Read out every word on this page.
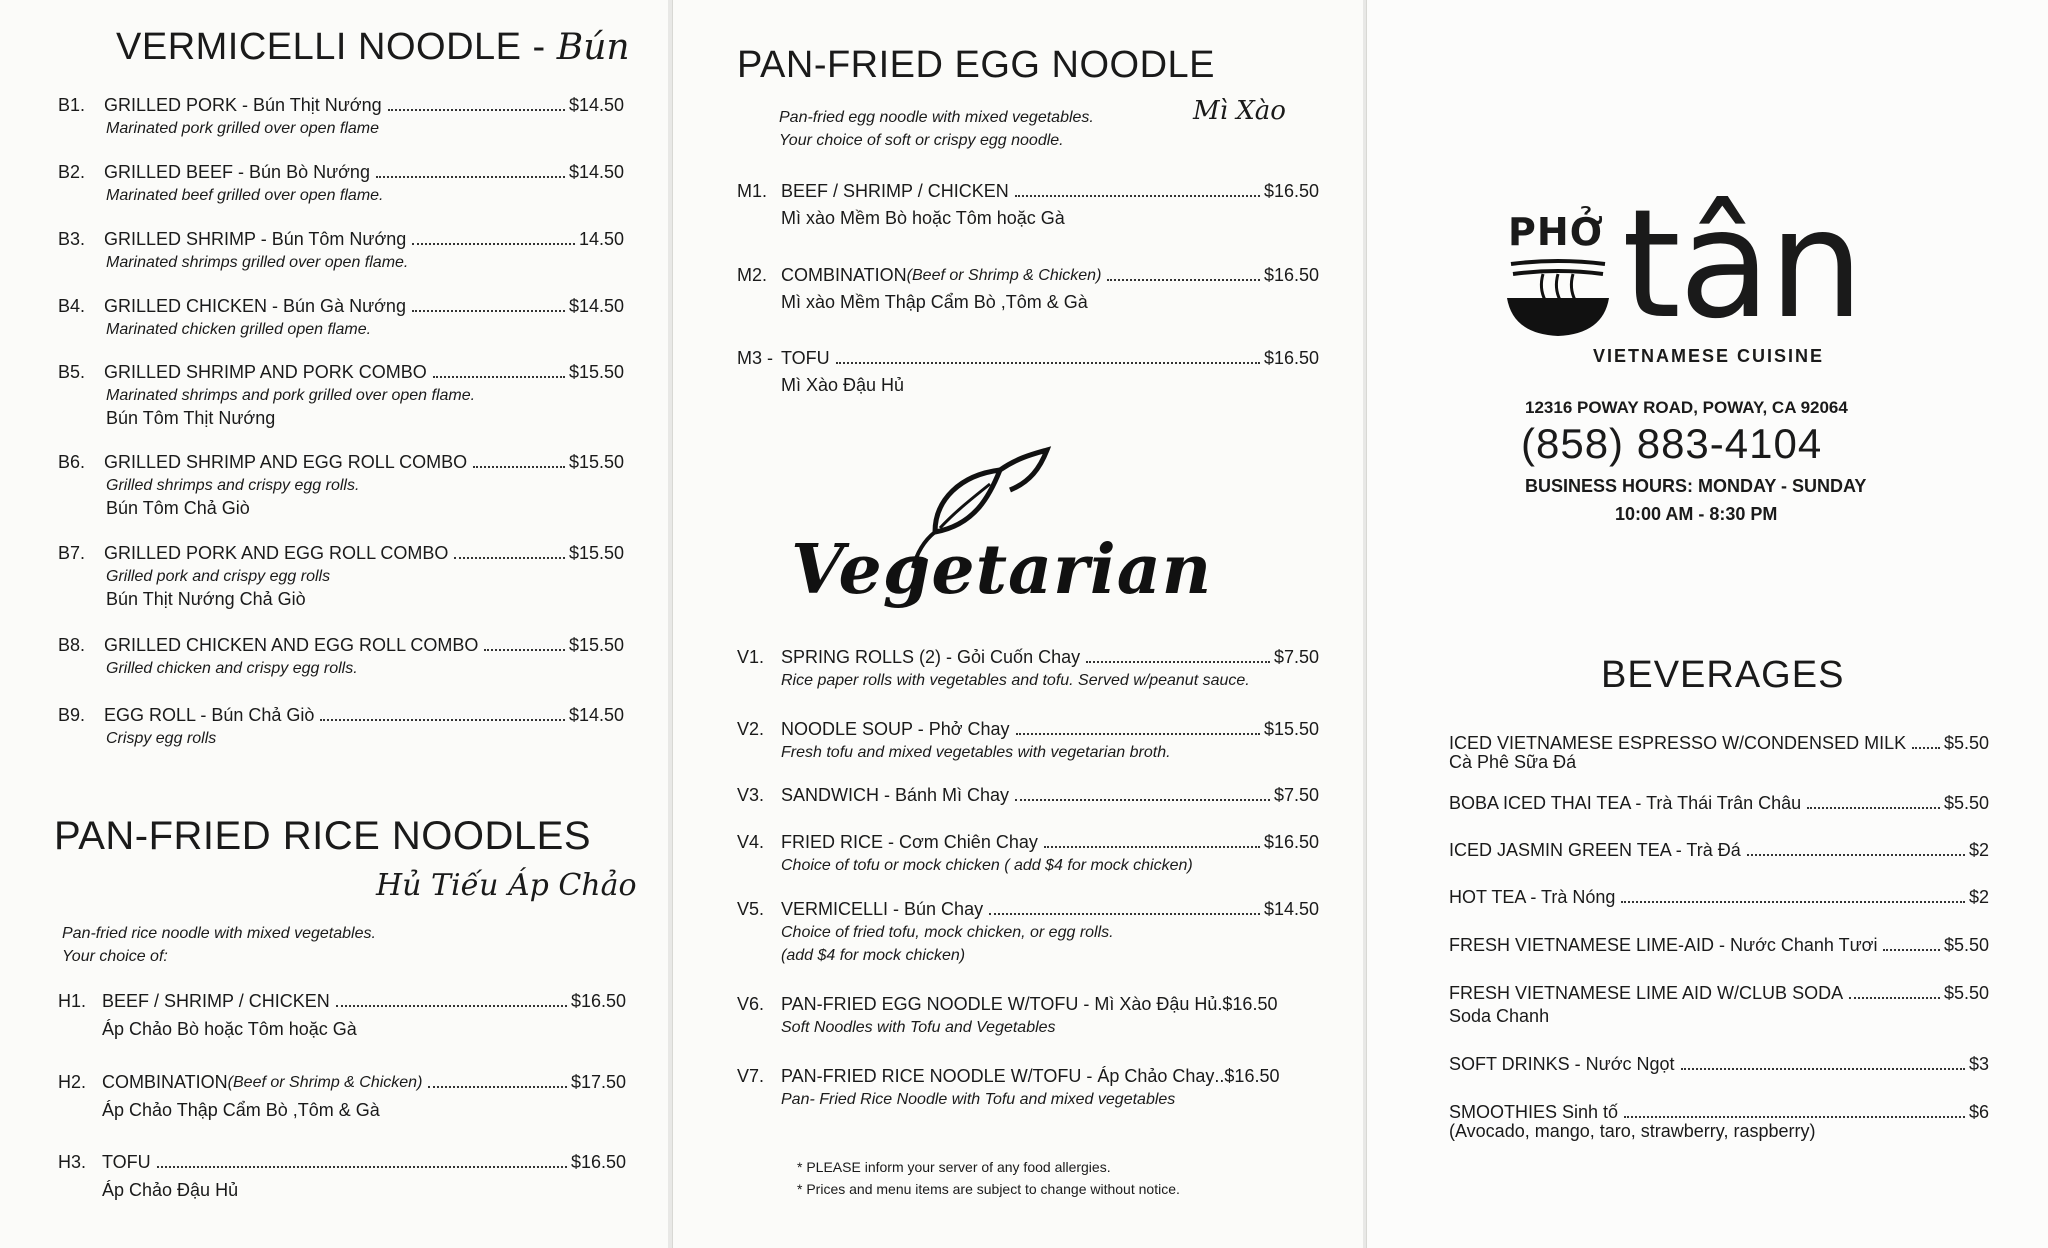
VERMICELLI NOODLE - Bún
B1.	GRILLED PORK - Bún Thịt Nướng	$14.50
Marinated pork grilled over open flame
B2.	GRILLED BEEF - Bún Bò Nướng	$14.50
Marinated beef grilled over open flame.
B3.	GRILLED SHRIMP - Bún Tôm Nướng	14.50
Marinated shrimps grilled over open flame.
B4.	GRILLED CHICKEN - Bún Gà Nướng	$14.50
Marinated chicken grilled open flame.
B5.	GRILLED SHRIMP AND PORK COMBO	$15.50
Marinated shrimps and pork grilled over open flame.
Bún Tôm Thịt Nướng
B6.	GRILLED SHRIMP AND EGG ROLL COMBO	$15.50
Grilled shrimps and crispy egg rolls.
Bún Tôm Chả Giò
B7.	GRILLED PORK AND EGG ROLL COMBO	$15.50
Grilled pork and crispy egg rolls
Bún Thịt Nướng Chả Giò
B8.	GRILLED CHICKEN AND EGG ROLL COMBO	$15.50
Grilled chicken and crispy egg rolls.
B9.	EGG ROLL - Bún Chả Giò	$14.50
Crispy egg rolls
PAN-FRIED RICE NOODLES
Hủ Tiếu Áp Chảo
Pan-fried rice noodle with mixed vegetables.
Your choice of:
H1. BEEF / SHRIMP / CHICKEN	$16.50
Áp Chảo Bò hoặc Tôm hoặc Gà
H2. COMBINATION (Beef or Shrimp & Chicken)	$17.50
Áp Chảo Thập Cẩm Bò ,Tôm & Gà
H3. TOFU	$16.50
Áp Chảo Đậu Hủ
PAN-FRIED EGG NOODLE
Mì Xào
Pan-fried egg noodle with mixed vegetables.
Your choice of soft or crispy egg noodle.
M1. BEEF / SHRIMP / CHICKEN	$16.50
Mì xào Mềm Bò hoặc Tôm hoặc Gà
M2. COMBINATION (Beef or Shrimp & Chicken)	$16.50
Mì xào Mềm Thập Cẩm Bò ,Tôm & Gà
M3 - TOFU	$16.50
Mì Xào Đậu Hủ
Vegetarian
V1. SPRING ROLLS (2) - Gỏi Cuốn Chay	$7.50
Rice paper rolls with vegetables and tofu. Served w/peanut sauce.
V2. NOODLE SOUP - Phở Chay	$15.50
Fresh tofu and mixed vegetables with vegetarian broth.
V3. SANDWICH - Bánh Mì Chay	$7.50
V4. FRIED RICE - Cơm Chiên Chay	$16.50
Choice of tofu or mock chicken ( add $4 for mock chicken)
V5. VERMICELLI - Bún Chay	$14.50
Choice of fried tofu, mock chicken, or egg rolls.
(add $4 for mock chicken)
V6. PAN-FRIED EGG NOODLE W/TOFU - Mì Xào Đậu Hủ .$16.50
Soft Noodles with Tofu and Vegetables
V7. PAN-FRIED RICE NOODLE W/TOFU - Áp Chảo Chay ..$16.50
Pan- Fried Rice Noodle with Tofu and mixed vegetables
* PLEASE inform your server of any food allergies.
* Prices and menu items are subject to change without notice.
PHỞ tân
VIETNAMESE CUISINE
12316 POWAY ROAD, POWAY, CA 92064
(858) 883-4104
BUSINESS HOURS: MONDAY - SUNDAY
10:00 AM - 8:30 PM
BEVERAGES
ICED VIETNAMESE ESPRESSO W/CONDENSED MILK $5.50
Cà Phê Sữa Đá
BOBA ICED THAI TEA - Trà Thái Trân Châu	$5.50
ICED JASMIN GREEN TEA - Trà Đá	$2
HOT TEA - Trà Nóng	$2
FRESH VIETNAMESE LIME-AID - Nước Chanh Tươi	$5.50
FRESH VIETNAMESE LIME AID W/CLUB SODA	$5.50
Soda Chanh
SOFT DRINKS - Nước Ngọt	$3
SMOOTHIES Sinh tố	$6
(Avocado, mango, taro, strawberry, raspberry)
